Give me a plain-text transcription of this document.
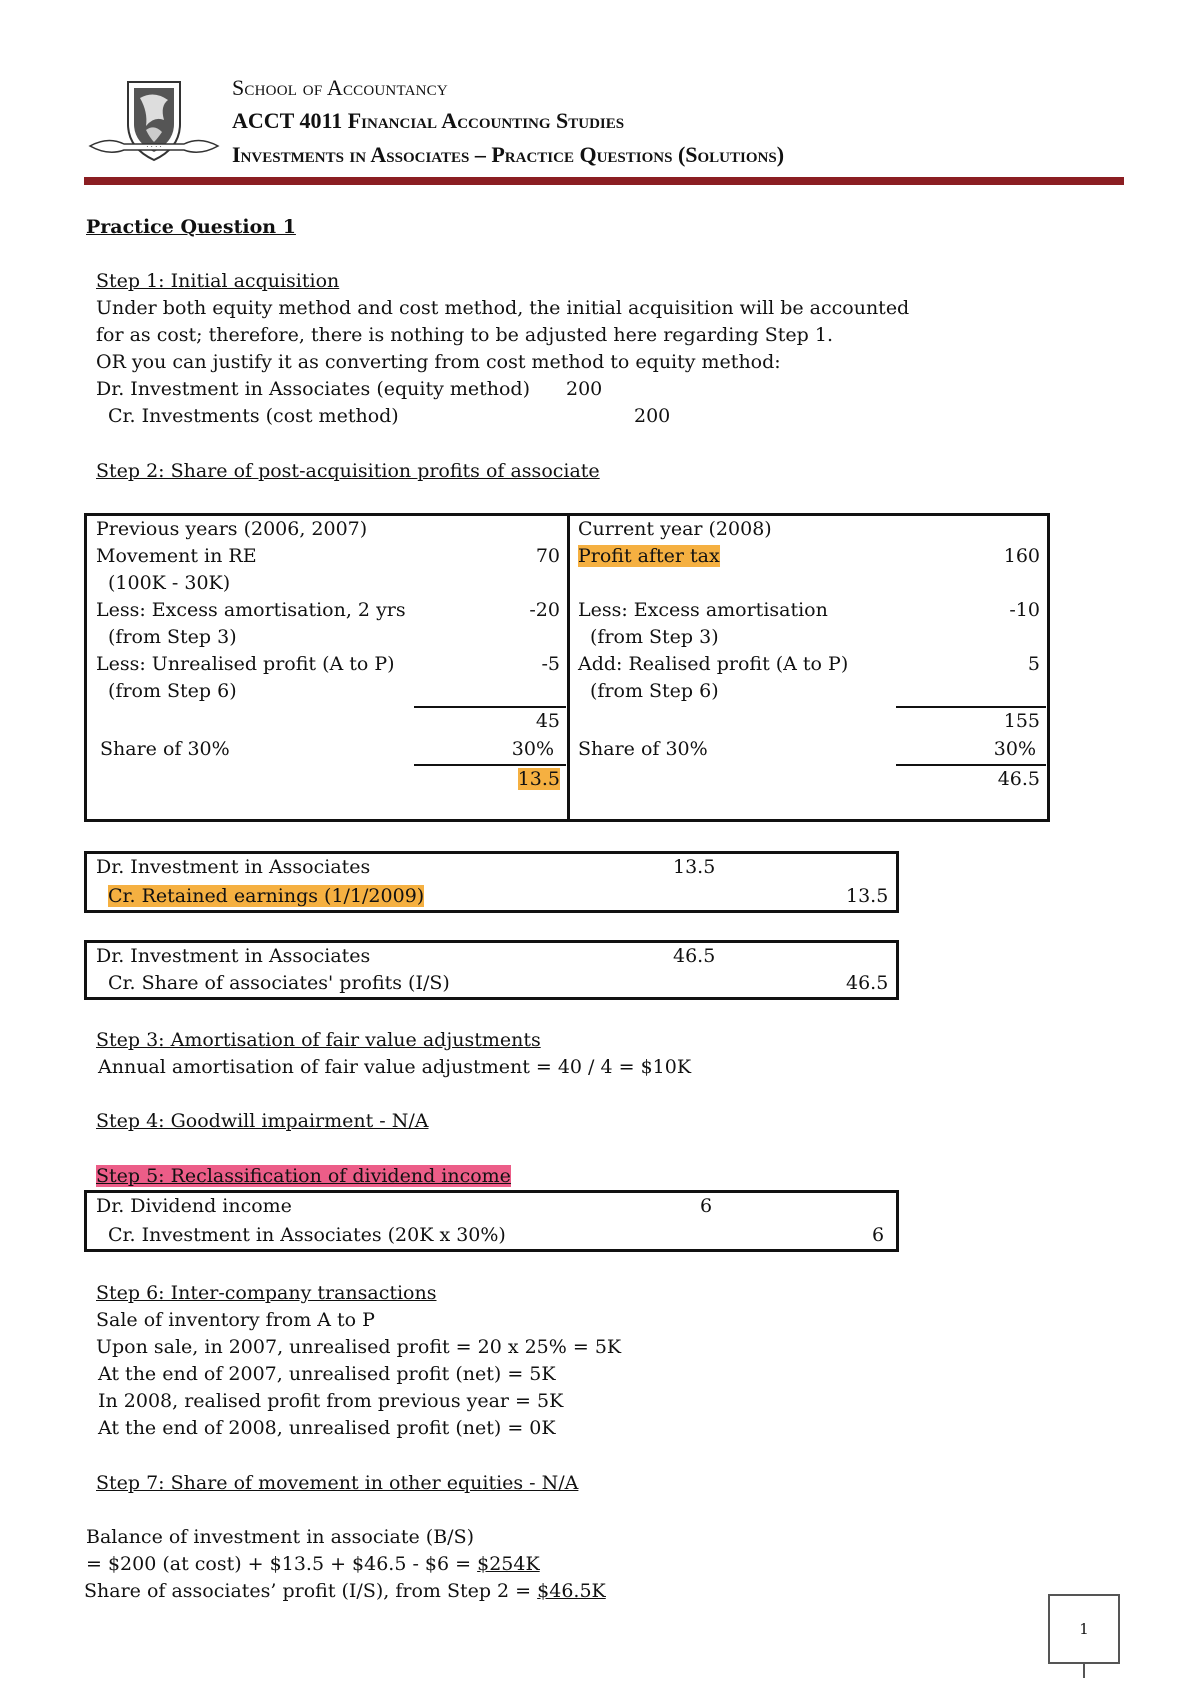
· · · ·
School of Accountancy
ACCT 4011 Financial Accounting Studies
Investments in Associates – Practice Questions (Solutions)
Practice Question 1
Step 1: Initial acquisition
Under both equity method and cost method, the initial acquisition will be accounted
for as cost; therefore, there is nothing to be adjusted here regarding Step 1.
OR you can justify it as converting from cost method to equity method:
Dr. Investment in Associates (equity method) 200
Cr. Investments (cost method)	200
Step 2: Share of post-acquisition profits of associate
Previous years (2006, 2007)
Movement in RE	70
(100K - 30K)
Less: Excess amortisation, 2 yrs	-20
(from Step 3)
Less: Unrealised profit (A to P)	-5
(from Step 6)
45
Share of 30%	30%
13.5
Current year (2008)
Profit after tax	160
Less: Excess amortisation	-10
(from Step 3)
Add: Realised profit (A to P)	5
(from Step 6)
155
Share of 30%	30%
46.5
Dr. Investment in Associates	13.5
Cr. Retained earnings (1/1/2009)	13.5
Dr. Investment in Associates	46.5
Cr. Share of associates' profits (I/S)	46.5
Step 3: Amortisation of fair value adjustments
Annual amortisation of fair value adjustment = 40 / 4 = $10K
Step 4: Goodwill impairment - N/A
Step 5: Reclassification of dividend income
Dr. Dividend income	6
Cr. Investment in Associates (20K x 30%)	6
Step 6: Inter-company transactions
Sale of inventory from A to P
Upon sale, in 2007, unrealised profit = 20 x 25% = 5K
At the end of 2007, unrealised profit (net) = 5K
In 2008, realised profit from previous year = 5K
At the end of 2008, unrealised profit (net) = 0K
Step 7: Share of movement in other equities - N/A
Balance of investment in associate (B/S)
= $200 (at cost) + $13.5 + $46.5 - $6 = $254K
Share of associates’ profit (I/S), from Step 2 = $46.5K
1
